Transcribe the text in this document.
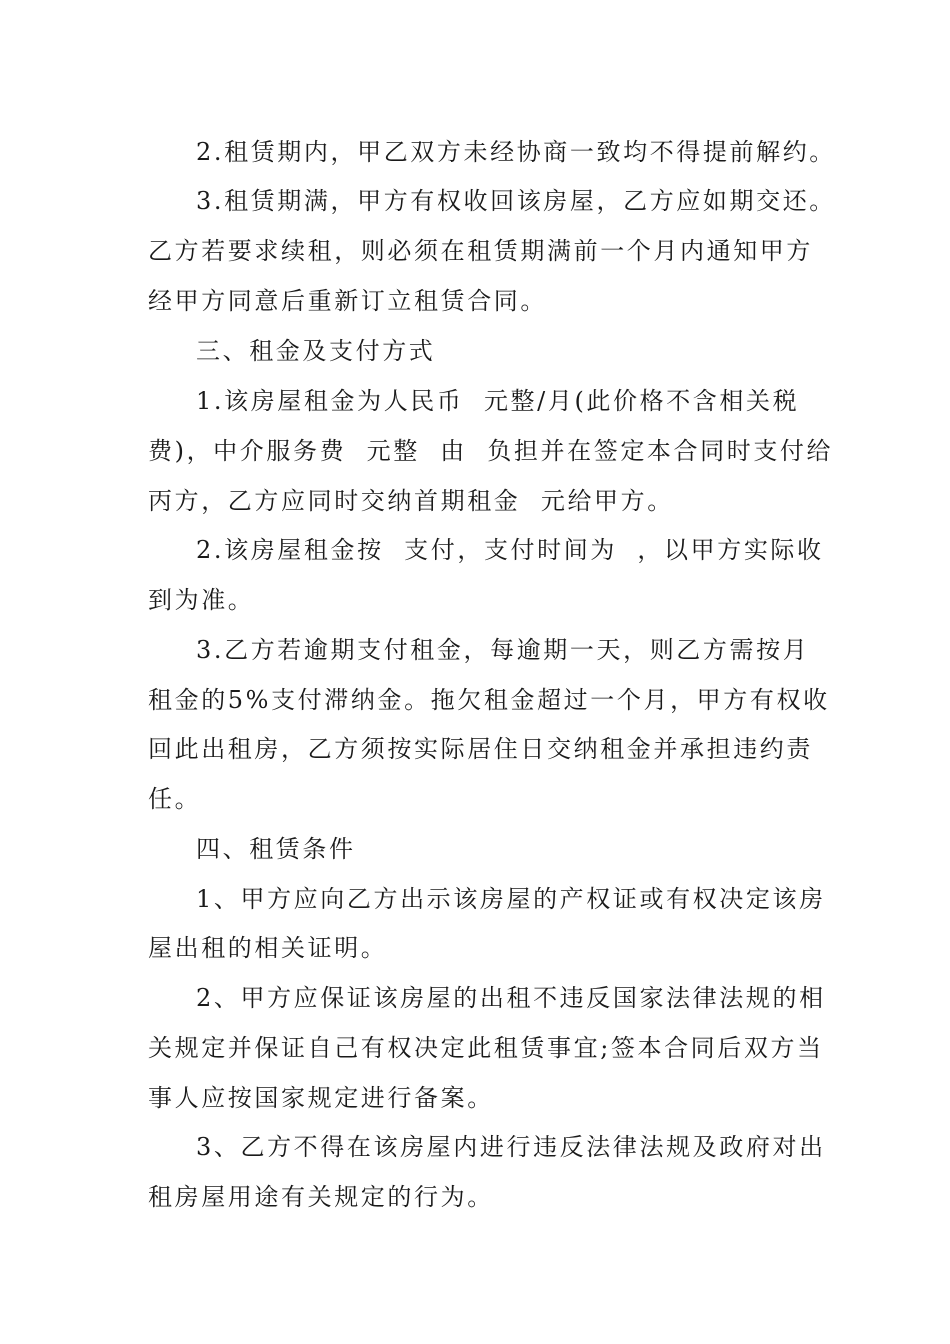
2.租赁期内，甲乙双方未经协商一致均不得提前解约。
3.租赁期满，甲方有权收回该房屋，乙方应如期交还。
乙方若要求续租，则必须在租赁期满前一个月内通知甲方
经甲方同意后重新订立租赁合同。
三、租金及支付方式
1.该房屋租金为人民币  元整/月(此价格不含相关税
费)，中介服务费  元整  由  负担并在签定本合同时支付给
丙方，乙方应同时交纳首期租金  元给甲方。
2.该房屋租金按  支付，支付时间为  ，以甲方实际收
到为准。
3.乙方若逾期支付租金，每逾期一天，则乙方需按月
租金的5%支付滞纳金。拖欠租金超过一个月，甲方有权收
回此出租房，乙方须按实际居住日交纳租金并承担违约责
任。
四、租赁条件
1、甲方应向乙方出示该房屋的产权证或有权决定该房
屋出租的相关证明。
2、甲方应保证该房屋的出租不违反国家法律法规的相
关规定并保证自己有权决定此租赁事宜;签本合同后双方当
事人应按国家规定进行备案。
3、乙方不得在该房屋内进行违反法律法规及政府对出
租房屋用途有关规定的行为。
